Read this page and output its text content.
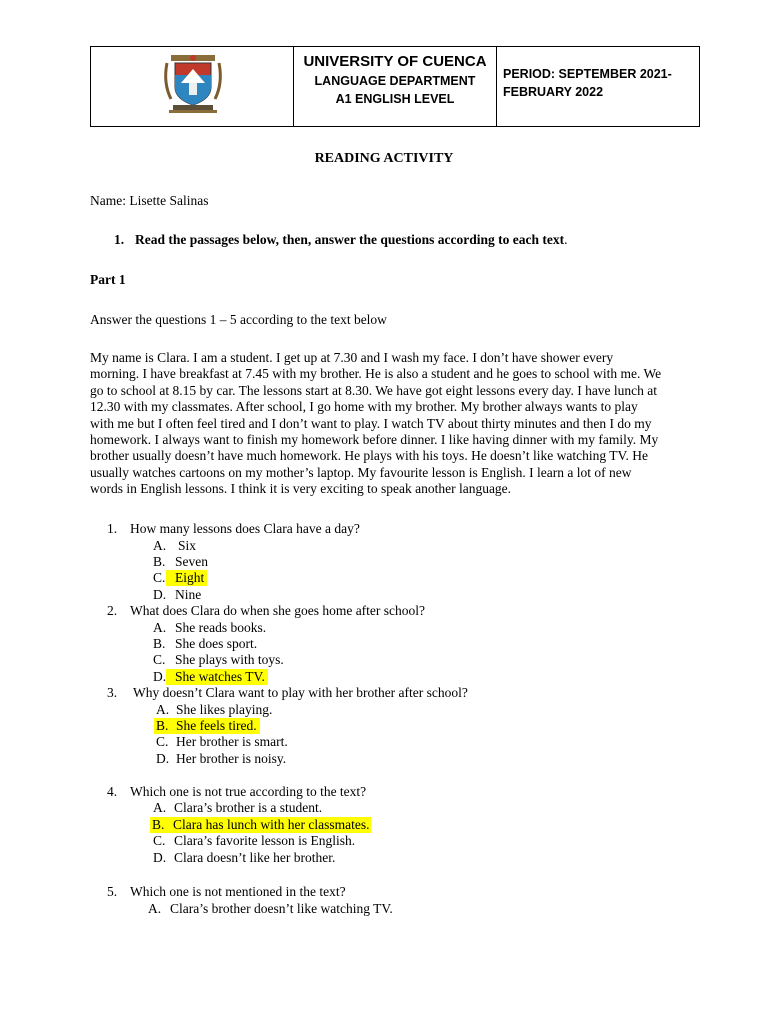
UNIVERSITY OF CUENCA
LANGUAGE DEPARTMENT
A1 ENGLISH LEVEL
PERIOD: SEPTEMBER 2021-
FEBRUARY 2022
READING ACTIVITY
Name: Lisette Salinas
1. Read the passages below, then, answer the questions according to each text.
Part 1
Answer the questions 1 – 5 according to the text below
My name is Clara. I am a student. I get up at 7.30 and I wash my face. I don’t have shower every
morning. I have breakfast at 7.45 with my brother. He is also a student and he goes to school with me. We
go to school at 8.15 by car. The lessons start at 8.30. We have got eight lessons every day. I have lunch at
12.30 with my classmates. After school, I go home with my brother. My brother always wants to play
with me but I often feel tired and I don’t want to play. I watch TV about thirty minutes and then I do my
homework. I always want to finish my homework before dinner. I like having dinner with my family. My
brother usually doesn’t have much homework. He plays with his toys. He doesn’t like watching TV. He
usually watches cartoons on my mother’s laptop. My favourite lesson is English. I learn a lot of new
words in English lessons. I think it is very exciting to speak another language.
1. How many lessons does Clara have a day?
A. Six
B. Seven
C. Eight
D. Nine
2. What does Clara do when she goes home after school?
A. She reads books.
B. She does sport.
C. She plays with toys.
D. She watches TV.
3. Why doesn’t Clara want to play with her brother after school?
A. She likes playing.
B. She feels tired.
C. Her brother is smart.
D. Her brother is noisy.
4. Which one is not true according to the text?
A. Clara’s brother is a student.
B. Clara has lunch with her classmates.
C. Clara’s favorite lesson is English.
D. Clara doesn’t like her brother.
5. Which one is not mentioned in the text?
A. Clara’s brother doesn’t like watching TV.
